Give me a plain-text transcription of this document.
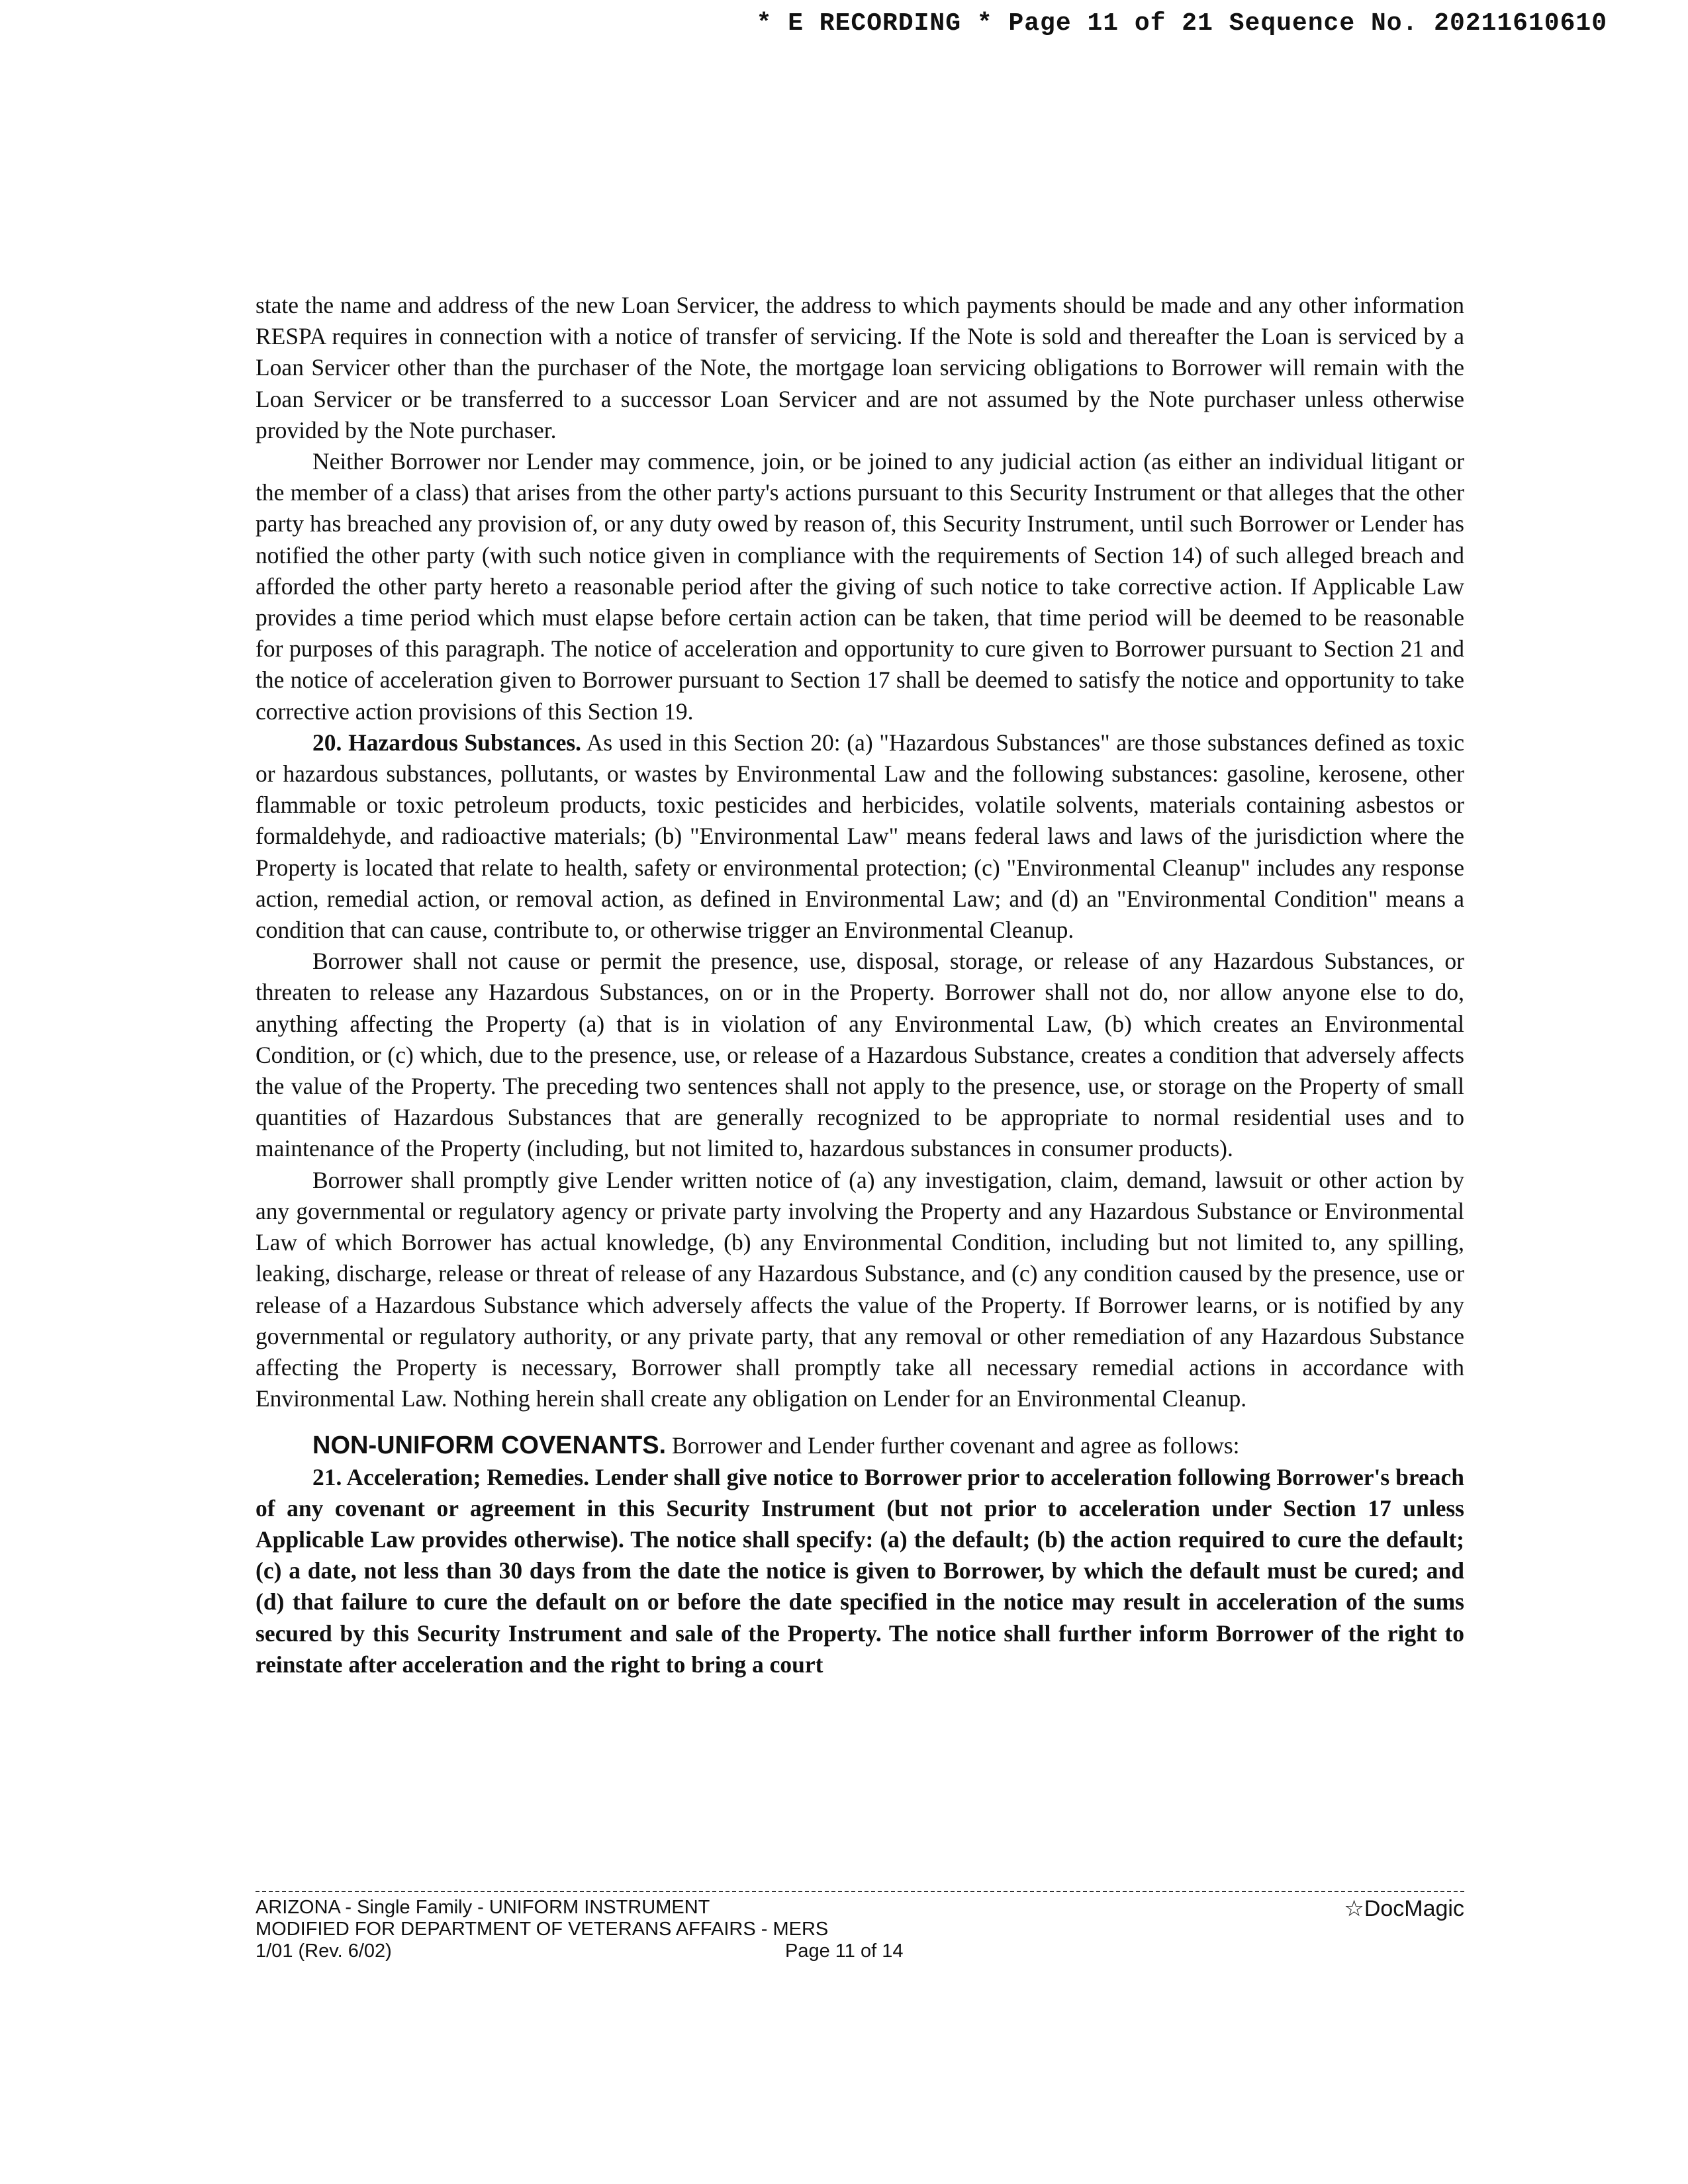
* E RECORDING * Page 11 of 21 Sequence No. 20211610610

state the name and address of the new Loan Servicer, the address to which payments should be made and any other information RESPA requires in connection with a notice of transfer of servicing. If the Note is sold and thereafter the Loan is serviced by a Loan Servicer other than the purchaser of the Note, the mortgage loan servicing obligations to Borrower will remain with the Loan Servicer or be transferred to a successor Loan Servicer and are not assumed by the Note purchaser unless otherwise provided by the Note purchaser.

Neither Borrower nor Lender may commence, join, or be joined to any judicial action (as either an individual litigant or the member of a class) that arises from the other party's actions pursuant to this Security Instrument or that alleges that the other party has breached any provision of, or any duty owed by reason of, this Security Instrument, until such Borrower or Lender has notified the other party (with such notice given in compliance with the requirements of Section 14) of such alleged breach and afforded the other party hereto a reasonable period after the giving of such notice to take corrective action. If Applicable Law provides a time period which must elapse before certain action can be taken, that time period will be deemed to be reasonable for purposes of this paragraph. The notice of acceleration and opportunity to cure given to Borrower pursuant to Section 21 and the notice of acceleration given to Borrower pursuant to Section 17 shall be deemed to satisfy the notice and opportunity to take corrective action provisions of this Section 19.

20. Hazardous Substances. As used in this Section 20: (a) "Hazardous Substances" are those substances defined as toxic or hazardous substances, pollutants, or wastes by Environmental Law and the following substances: gasoline, kerosene, other flammable or toxic petroleum products, toxic pesticides and herbicides, volatile solvents, materials containing asbestos or formaldehyde, and radioactive materials; (b) "Environmental Law" means federal laws and laws of the jurisdiction where the Property is located that relate to health, safety or environmental protection; (c) "Environmental Cleanup" includes any response action, remedial action, or removal action, as defined in Environmental Law; and (d) an "Environmental Condition" means a condition that can cause, contribute to, or otherwise trigger an Environmental Cleanup.

Borrower shall not cause or permit the presence, use, disposal, storage, or release of any Hazardous Substances, or threaten to release any Hazardous Substances, on or in the Property. Borrower shall not do, nor allow anyone else to do, anything affecting the Property (a) that is in violation of any Environmental Law, (b) which creates an Environmental Condition, or (c) which, due to the presence, use, or release of a Hazardous Substance, creates a condition that adversely affects the value of the Property. The preceding two sentences shall not apply to the presence, use, or storage on the Property of small quantities of Hazardous Substances that are generally recognized to be appropriate to normal residential uses and to maintenance of the Property (including, but not limited to, hazardous substances in consumer products).

Borrower shall promptly give Lender written notice of (a) any investigation, claim, demand, lawsuit or other action by any governmental or regulatory agency or private party involving the Property and any Hazardous Substance or Environmental Law of which Borrower has actual knowledge, (b) any Environmental Condition, including but not limited to, any spilling, leaking, discharge, release or threat of release of any Hazardous Substance, and (c) any condition caused by the presence, use or release of a Hazardous Substance which adversely affects the value of the Property. If Borrower learns, or is notified by any governmental or regulatory authority, or any private party, that any removal or other remediation of any Hazardous Substance affecting the Property is necessary, Borrower shall promptly take all necessary remedial actions in accordance with Environmental Law. Nothing herein shall create any obligation on Lender for an Environmental Cleanup.

NON-UNIFORM COVENANTS. Borrower and Lender further covenant and agree as follows:

21. Acceleration; Remedies. Lender shall give notice to Borrower prior to acceleration following Borrower's breach of any covenant or agreement in this Security Instrument (but not prior to acceleration under Section 17 unless Applicable Law provides otherwise). The notice shall specify: (a) the default; (b) the action required to cure the default; (c) a date, not less than 30 days from the date the notice is given to Borrower, by which the default must be cured; and (d) that failure to cure the default on or before the date specified in the notice may result in acceleration of the sums secured by this Security Instrument and sale of the Property. The notice shall further inform Borrower of the right to reinstate after acceleration and the right to bring a court

ARIZONA - Single Family - UNIFORM INSTRUMENT
MODIFIED FOR DEPARTMENT OF VETERANS AFFAIRS - MERS
1/01 (Rev. 6/02)	Page 11 of 14
☆DocMagic
